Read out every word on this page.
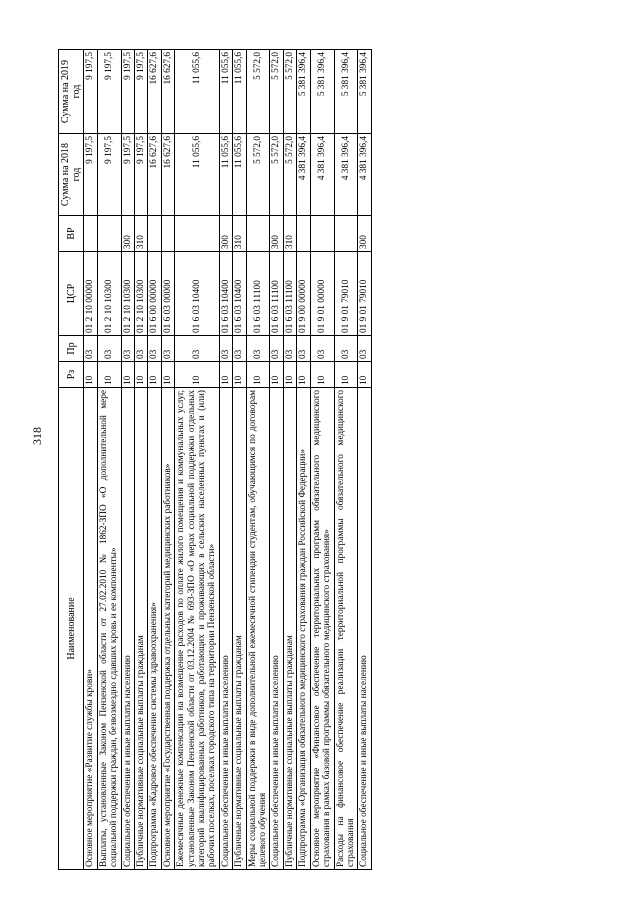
318
Наименование	Рз	Пр	ЦСР	ВР	Сумма на 2018 год	Сумма на 2019 год
Основное мероприятие «Развитие службы крови»	10	03	01 2 10 00000		9 197,5	9 197,5
Выплаты, установленные Законом Пензенской области от 27.02.2010 № 1862-ЗПО «О дополнительной мере социальной поддержки граждан, безвозмездно сдавших кровь и ее компоненты»	10	03	01 2 10 10300		9 197,5	9 197,5
Социальное обеспечение и иные выплаты населению	10	03	01 2 10 10300	300	9 197,5	9 197,5
Публичные нормативные социальные выплаты гражданам	10	03	01 2 10 10300	310	9 197,5	9 197,5
Подпрограмма «Кадровое обеспечение системы здравоохранения»	10	03	01 6 00 00000		16 627,6	16 627,6
Основное мероприятие «Государственная поддержка отдельных категорий медицинских работников»	10	03	01 6 03 00000		16 627,6	16 627,6
Ежемесячные денежные компенсации на возмещение расходов по оплате жилого помещения и коммунальных услуг, установленные Законом Пензенской области от 03.12.2004 № 693-ЗПО «О мерах социальной поддержки отдельных категорий квалифицированных работников, работающих и проживающих в сельских населенных пунктах и (или) рабочих поселках, поселках городского типа на территории Пензенской области»	10	03	01 6 03 10400		11 055,6	11 055,6
Социальное обеспечение и иные выплаты населению	10	03	01 6 03 10400	300	11 055,6	11 055,6
Публичные нормативные социальные выплаты гражданам	10	03	01 6 03 10400	310	11 055,6	11 055,6
Меры социальной поддержки в виде дополнительной ежемесячной стипендии студентам, обучающимся по договорам целевого обучения	10	03	01 6 03 11100		5 572,0	5 572,0
Социальное обеспечение и иные выплаты населению	10	03	01 6 03 11100	300	5 572,0	5 572,0
Публичные нормативные социальные выплаты гражданам	10	03	01 6 03 11100	310	5 572,0	5 572,0
Подпрограмма «Организация обязательного медицинского страхования граждан Российской Федерации»	10	03	01 9 00 00000		4 381 396,4	5 381 396,4
Основное мероприятие «Финансовое обеспечение территориальных программ обязательного медицинского страхования в рамках базовой программы обязательного медицинского страхования»	10	03	01 9 01 00000		4 381 396,4	5 381 396,4
Расходы на финансовое обеспечение реализации территориальной программы обязательного медицинского страхования	10	03	01 9 01 79010		4 381 396,4	5 381 396,4
Социальное обеспечение и иные выплаты населению	10	03	01 9 01 79010	300	4 381 396,4	5 381 396,4
